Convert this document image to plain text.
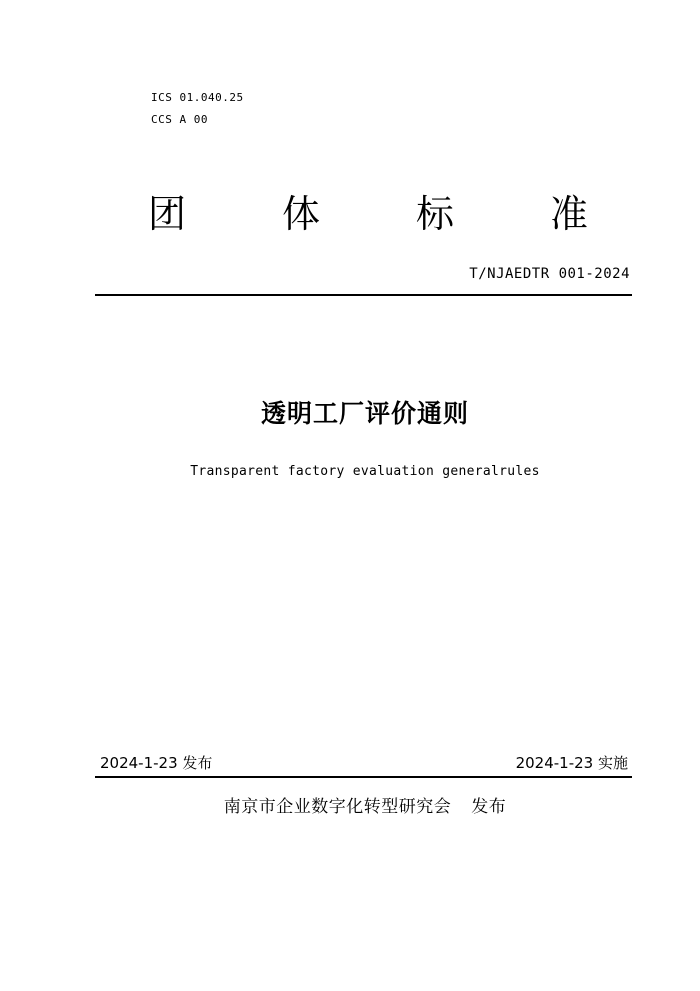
ICS 01.040.25
CCS A 00
团	体	标	准
T/NJAEDTR 001-2024
透明工厂评价通则
Transparent factory evaluation generalrules
2024-1-23 发布	2024-1-23 实施
南京市企业数字化转型研究会 发布
